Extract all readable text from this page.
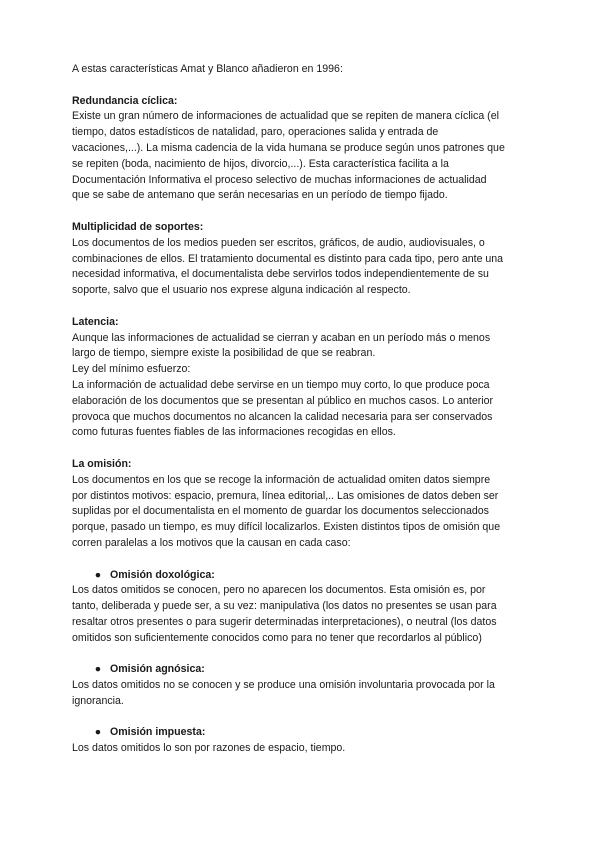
A estas características Amat y Blanco añadieron en 1996:

Redundancia cíclica:

Existe un gran número de informaciones de actualidad que se repiten de manera cíclica (el

tiempo, datos estadísticos de natalidad, paro, operaciones salida y entrada de

vacaciones,...). La misma cadencia de la vida humana se produce según unos patrones que

se repiten (boda, nacimiento de hijos, divorcio,...). Esta característica facilita a la

Documentación Informativa el proceso selectivo de muchas informaciones de actualidad

que se sabe de antemano que serán necesarias en un período de tiempo fijado.

Multiplicidad de soportes:

Los documentos de los medios pueden ser escritos, gráficos, de audio, audiovisuales, o

combinaciones de ellos. El tratamiento documental es distinto para cada tipo, pero ante una

necesidad informativa, el documentalista debe servirlos todos independientemente de su

soporte, salvo que el usuario nos exprese alguna indicación al respecto.

Latencia:

Aunque las informaciones de actualidad se cierran y acaban en un período más o menos

largo de tiempo, siempre existe la posibilidad de que se reabran.

Ley del mínimo esfuerzo:

La información de actualidad debe servirse en un tiempo muy corto, lo que produce poca

elaboración de los documentos que se presentan al público en muchos casos. Lo anterior

provoca que muchos documentos no alcancen la calidad necesaria para ser conservados

como futuras fuentes fiables de las informaciones recogidas en ellos.

La omisión:

Los documentos en los que se recoge la información de actualidad omiten datos siempre

por distintos motivos: espacio, premura, línea editorial,.. Las omisiones de datos deben ser

suplidas por el documentalista en el momento de guardar los documentos seleccionados

porque, pasado un tiempo, es muy difícil localizarlos. Existen distintos tipos de omisión que

corren paralelas a los motivos que la causan en cada caso:

● Omisión doxológica:

Los datos omitidos se conocen, pero no aparecen los documentos. Esta omisión es, por

tanto, deliberada y puede ser, a su vez: manipulativa (los datos no presentes se usan para

resaltar otros presentes o para sugerir determinadas interpretaciones), o neutral (los datos

omitidos son suficientemente conocidos como para no tener que recordarlos al público)

● Omisión agnósica:

Los datos omitidos no se conocen y se produce una omisión involuntaria provocada por la

ignorancia.

● Omisión impuesta:

Los datos omitidos lo son por razones de espacio, tiempo.
